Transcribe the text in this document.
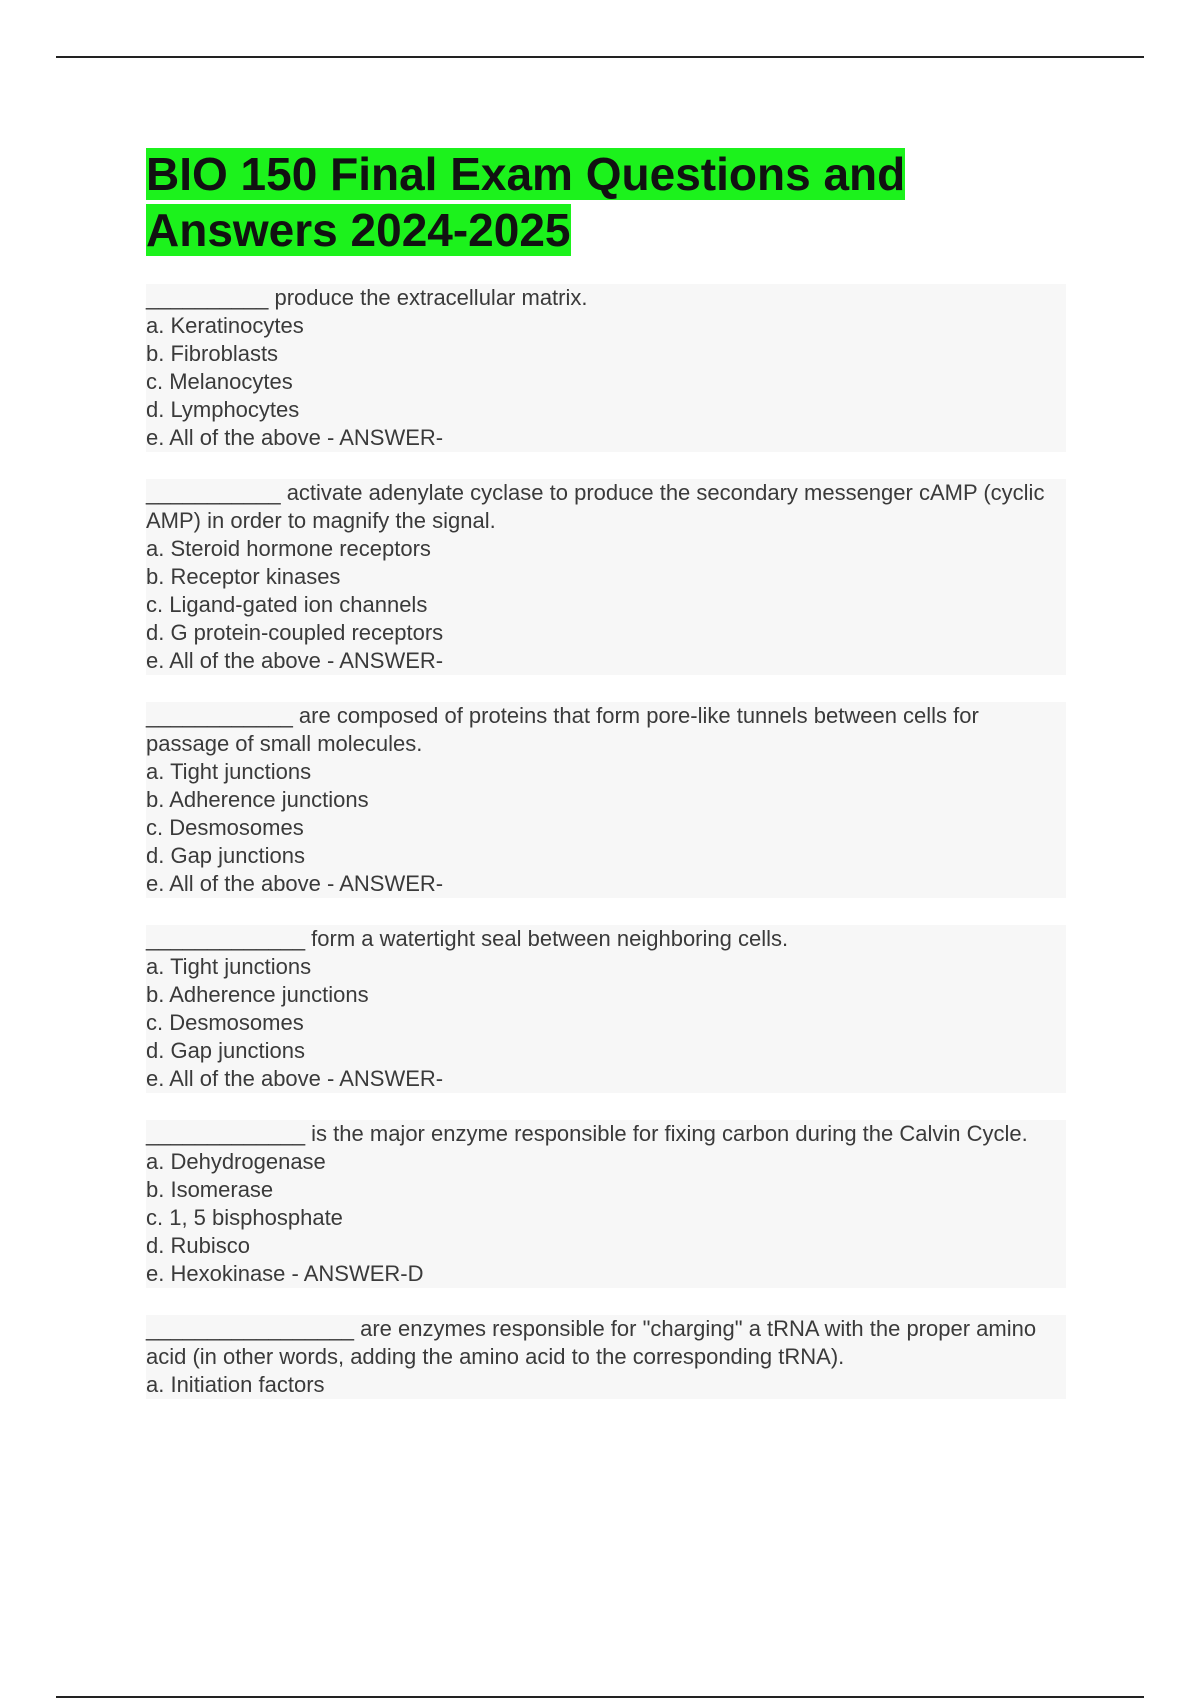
BIO 150 Final Exam Questions and
Answers 2024-2025
__________ produce the extracellular matrix.
a. Keratinocytes
b. Fibroblasts
c. Melanocytes
d. Lymphocytes
e. All of the above - ANSWER-
___________ activate adenylate cyclase to produce the secondary messenger cAMP (cyclic AMP) in order to magnify the signal.
a. Steroid hormone receptors
b. Receptor kinases
c. Ligand-gated ion channels
d. G protein-coupled receptors
e. All of the above - ANSWER-
____________ are composed of proteins that form pore-like tunnels between cells for passage of small molecules.
a. Tight junctions
b. Adherence junctions
c. Desmosomes
d. Gap junctions
e. All of the above - ANSWER-
_____________ form a watertight seal between neighboring cells.
a. Tight junctions
b. Adherence junctions
c. Desmosomes
d. Gap junctions
e. All of the above - ANSWER-
_____________ is the major enzyme responsible for fixing carbon during the Calvin Cycle.
a. Dehydrogenase
b. Isomerase
c. 1, 5 bisphosphate
d. Rubisco
e. Hexokinase - ANSWER-D
_________________ are enzymes responsible for "charging" a tRNA with the proper amino acid (in other words, adding the amino acid to the corresponding tRNA).
a. Initiation factors
